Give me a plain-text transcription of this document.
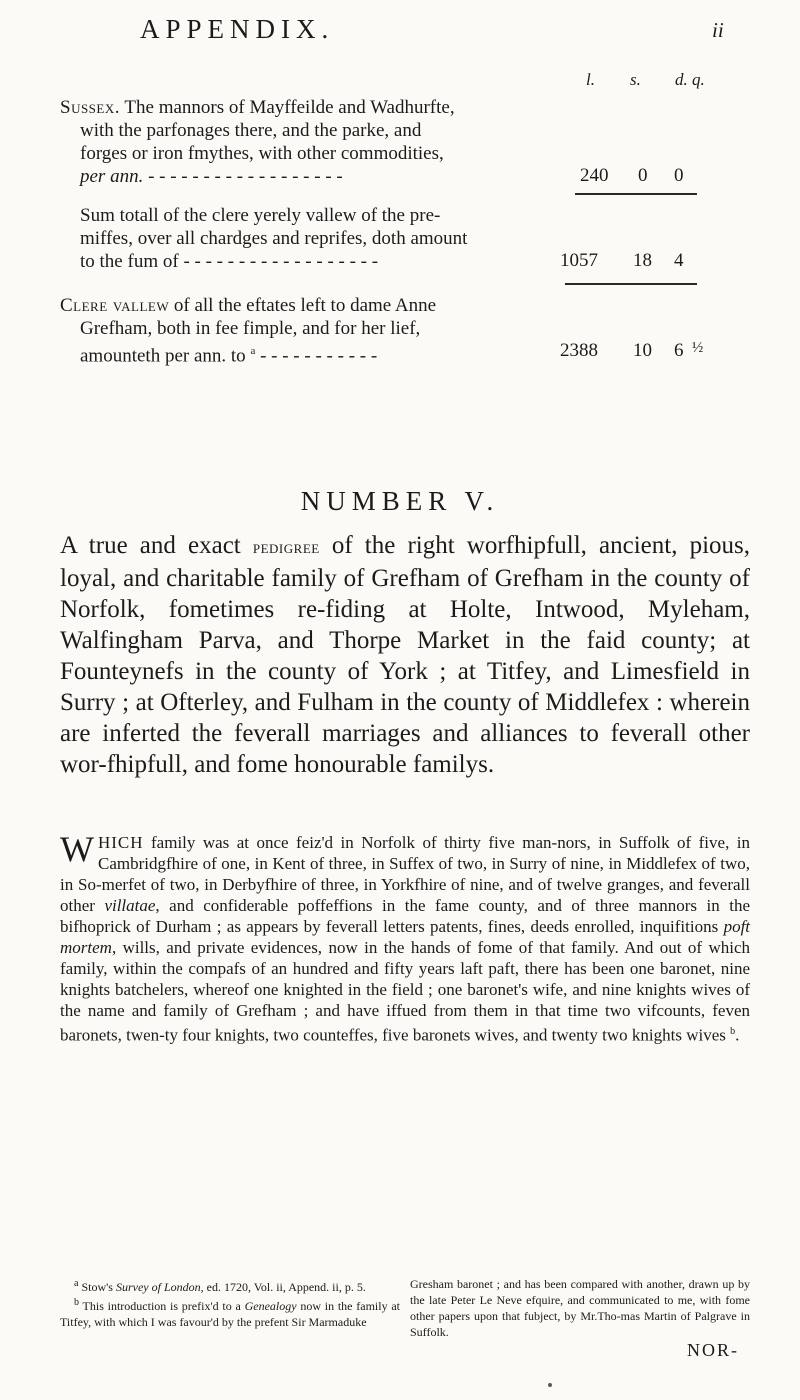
APPENDIX.	ii
l. s. d. q.
Sussex. The mannors of Mayffeilde and Wadhurfte,
with the parfonages there, and the parke, and
forges or iron fmythes, with other commodities,
per ann. - - - - - - - - - - - - - - - - - -	240 0 0
Sum totall of the clere yerely vallew of the pre-
miffes, over all chardges and reprifes, doth amount
to the fum of - - - - - - - - - - - - - - - - - -	1057 18 4
Clere vallew of all the eftates left to dame Anne
Grefham, both in fee fimple, and for her lief,
amounteth per ann. to $^a$ - - - - - - - - - - -	2388 10 6 ½
NUMBER V.
A true and exact pedigree of the right worfhipfull, ancient, pious, loyal, and charitable family of Grefham of Grefham in the county of Norfolk, fometimes re-fiding at Holte, Intwood, Myleham, Walfingham Parva, and Thorpe Market in the faid county; at Founteynefs in the county of York ; at Titfey, and Limesfield in Surry ; at Ofterley, and Fulham in the county of Middlefex : wherein are inferted the feverall marriages and alliances to feverall other wor-fhipfull, and fome honourable familys.
WHICH family was at once feiz'd in Norfolk of thirty five man-nors, in Suffolk of five, in Cambridgfhire of one, in Kent of three, in Suffex of two, in Surry of nine, in Middlefex of two, in So-merfet of two, in Derbyfhire of three, in Yorkfhire of nine, and of twelve granges, and feverall other villatae, and confiderable poffeffions in the fame county, and of three mannors in the bifhoprick of Durham ; as appears by feverall letters patents, fines, deeds enrolled, inquifitions poft mortem, wills, and private evidences, now in the hands of fome of that family. And out of which family, within the compafs of an hundred and fifty years laft paft, there has been one baronet, nine knights batchelers, whereof one knighted in the field ; one baronet's wife, and nine knights wives of the name and family of Grefham ; and have iffued from them in that time two vifcounts, feven baronets, twen-ty four knights, two counteffes, five baronets wives, and twenty two knights wives $^b$.
$^a$ Stow's Survey of London, ed. 1720, Vol. ii, Append. ii, p. 5.
$^b$ This introduction is prefix'd to a Genealogy now in the family at Titfey, with which I was favour'd by the prefent Sir Marmaduke
Gresham baronet ; and has been compared with another, drawn up by the late Peter Le Neve efquire, and communicated to me, with fome other papers upon that fubject, by Mr.Tho-mas Martin of Palgrave in Suffolk.
NOR-
